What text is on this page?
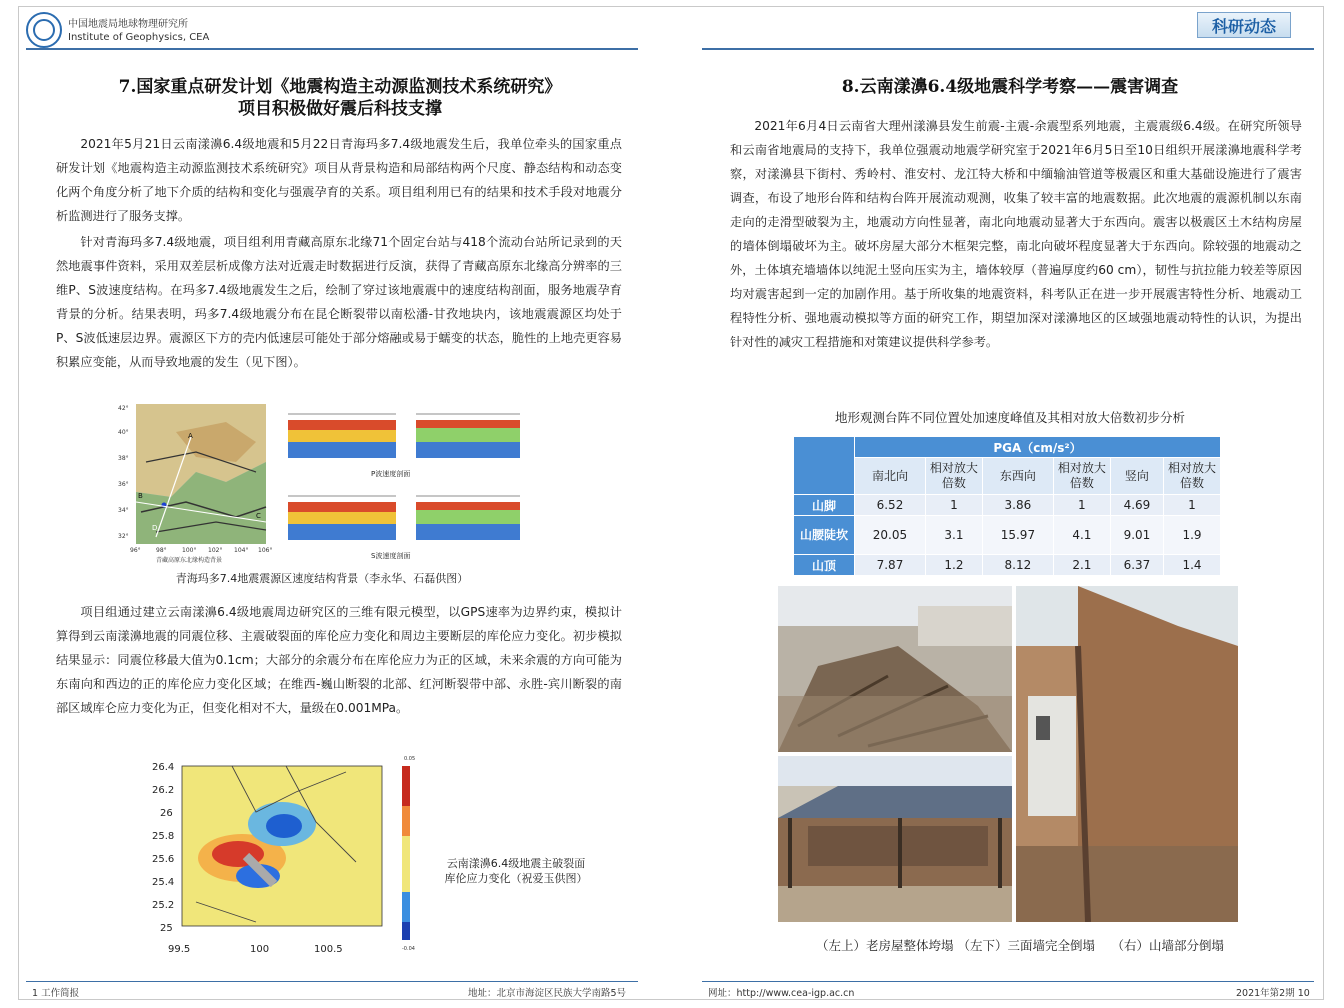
中国地震局地球物理研究所
Institute of Geophysics, CEA
科研动态
7.国家重点研发计划《地震构造主动源监测技术系统研究》
项目积极做好震后科技支撑
2021年5月21日云南漾濞6.4级地震和5月22日青海玛多7.4级地震发生后，我单位牵头的国家重点研发计划《地震构造主动源监测技术系统研究》项目从背景构造和局部结构两个尺度、静态结构和动态变化两个角度分析了地下介质的结构和变化与强震孕育的关系。项目组利用已有的结果和技术手段对地震分析监测进行了服务支撑。
针对青海玛多7.4级地震，项目组利用青藏高原东北缘71个固定台站与418个流动台站所记录到的天然地震事件资料，采用双差层析成像方法对近震走时数据进行反演，获得了青藏高原东北缘高分辨率的三维P、S波速度结构。在玛多7.4级地震发生之后，绘制了穿过该地震震中的速度结构剖面，服务地震孕育背景的分析。结果表明，玛多7.4级地震分布在昆仑断裂带以南松潘-甘孜地块内，该地震震源区均处于P、S波低速层边界。震源区下方的壳内低速层可能处于部分熔融或易于蠕变的状态，脆性的上地壳更容易积累应变能，从而导致地震的发生（见下图）。
A
B
C
D
42°
40°
38°
36°
34°
32°
96°	98°	100° 102° 104° 106°
青藏高原东北缘构造背景
P波速度剖面
S波速度剖面
青海玛多7.4地震震源区速度结构背景（李永华、石磊供图）
项目组通过建立云南漾濞6.4级地震周边研究区的三维有限元模型，以GPS速率为边界约束，模拟计算得到云南漾濞地震的同震位移、主震破裂面的库伦应力变化和周边主要断层的库伦应力变化。初步模拟结果显示：同震位移最大值为0.1cm；大部分的余震分布在库伦应力为正的区域，未来余震的方向可能为东南向和西边的正的库伦应力变化区域；在维西-巍山断裂的北部、红河断裂带中部、永胜-宾川断裂的南部区域库仑应力变化为正，但变化相对不大，量级在0.001MPa。
0.05
-0.04
26.4
26.2
26
25.8
25.6
25.4
25.2
25
99.5	100	100.5
云南漾濞6.4级地震主破裂面
库伦应力变化（祝爱玉供图）
8.云南漾濞6.4级地震科学考察——震害调查
2021年6月4日云南省大理州漾濞县发生前震-主震-余震型系列地震，主震震级6.4级。在研究所领导和云南省地震局的支持下，我单位强震动地震学研究室于2021年6月5日至10日组织开展漾濞地震科学考察，对漾濞县下街村、秀岭村、淮安村、龙江特大桥和中缅输油管道等极震区和重大基础设施进行了震害调查，布设了地形台阵和结构台阵开展流动观测，收集了较丰富的地震数据。此次地震的震源机制以东南走向的走滑型破裂为主，地震动方向性显著，南北向地震动显著大于东西向。震害以极震区土木结构房屋的墙体倒塌破坏为主。破坏房屋大部分木框架完整，南北向破坏程度显著大于东西向。除较强的地震动之外，土体填充墙墙体以纯泥土竖向压实为主，墙体较厚（普遍厚度约60 cm），韧性与抗拉能力较差等原因均对震害起到一定的加剧作用。基于所收集的地震资料，科考队正在进一步开展震害特性分析、地震动工程特性分析、强地震动模拟等方面的研究工作，期望加深对漾濞地区的区域强地震动特性的认识，为提出针对性的减灾工程措施和对策建议提供科学参考。
地形观测台阵不同位置处加速度峰值及其相对放大倍数初步分析
	PGA（cm/s²）					
	南北向	相对放大倍数	东西向	相对放大倍数	竖向	相对放大倍数
山脚	6.52	1	3.86	1	4.69	1
山腰陡坎	20.05	3.1	15.97	4.1	9.01	1.9
山顶	7.87	1.2	8.12	2.1	6.37	1.4
（左上）老房屋整体垮塌 （左下）三面墙完全倒塌　 （右）山墙部分倒塌
1 工作简报	地址：北京市海淀区民族大学南路5号	网址：http://www.cea-igp.ac.cn	2021年第2期 10
